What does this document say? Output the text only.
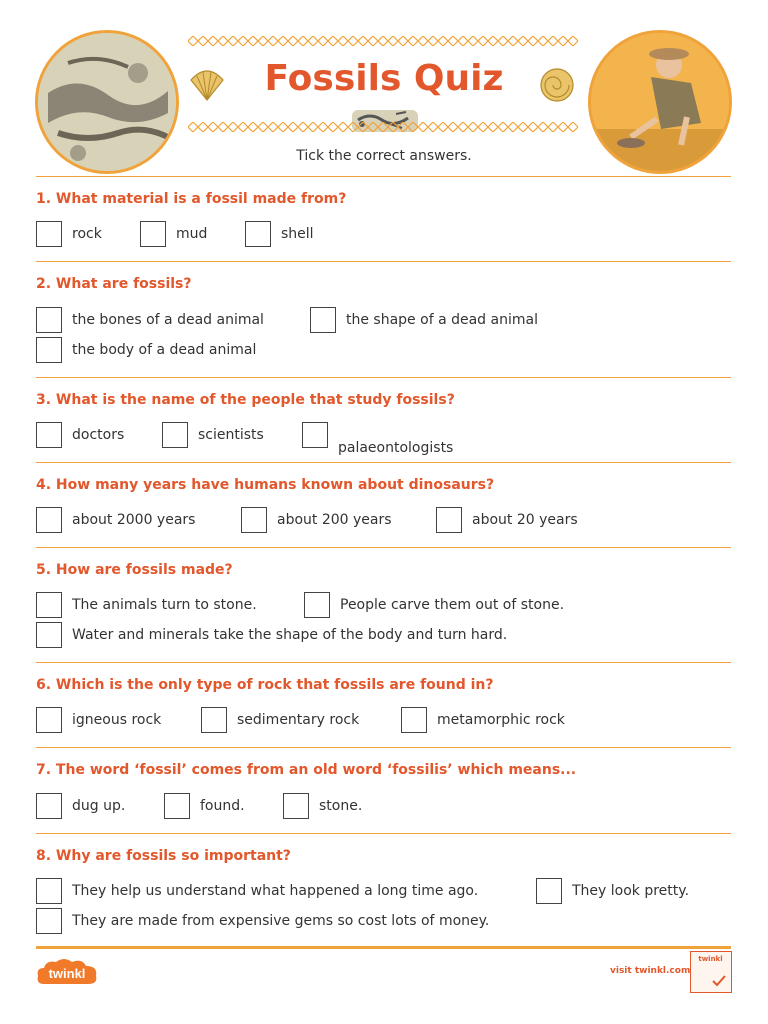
Fossils Quiz
Tick the correct answers.
1. What material is a fossil made from?
rock	mud	shell
2. What are fossils?
the bones of a dead animal	the shape of a dead animal
the body of a dead animal
3. What is the name of the people that study fossils?
doctors	scientists
palaeontologists
4. How many years have humans known about dinosaurs?
about 2000 years	about 200 years	about 20 years
5. How are fossils made?
The animals turn to stone.	People carve them out of stone.
Water and minerals take the shape of the body and turn hard.
6. Which is the only type of rock that fossils are found in?
igneous rock	sedimentary rock	metamorphic rock
7. The word ‘fossil’ comes from an old word ‘fossilis’ which means...
dug up.	found.	stone.
8. Why are fossils so important?
They help us understand what happened a long time ago.	They look pretty.
They are made from expensive gems so cost lots of money.
twinkl	visit twinkl.com
twinkl
